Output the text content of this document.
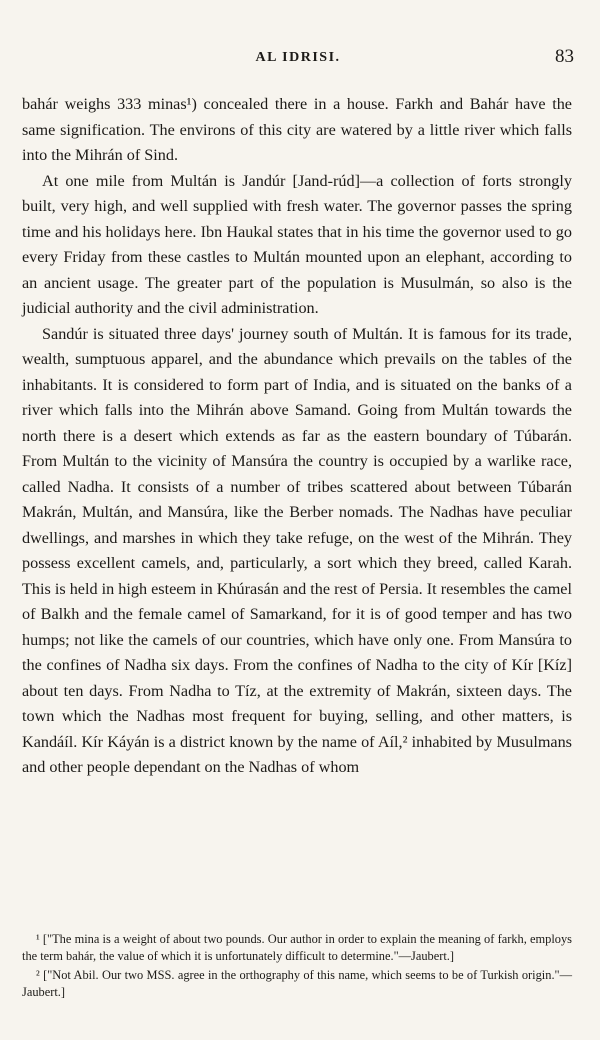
AL IDRISI.	83

bahár weighs 333 minas¹) concealed there in a house. Farkh and Bahár have the same signification. The environs of this city are watered by a little river which falls into the Mihrán of Sind.

At one mile from Multán is Jandúr [Jand-rúd]—a collection of forts strongly built, very high, and well supplied with fresh water. The governor passes the spring time and his holidays here. Ibn Haukal states that in his time the governor used to go every Friday from these castles to Multán mounted upon an elephant, according to an ancient usage. The greater part of the population is Musulmán, so also is the judicial authority and the civil administration.

Sandúr is situated three days' journey south of Multán. It is famous for its trade, wealth, sumptuous apparel, and the abundance which prevails on the tables of the inhabitants. It is considered to form part of India, and is situated on the banks of a river which falls into the Mihrán above Samand. Going from Multán towards the north there is a desert which extends as far as the eastern boundary of Túbarán. From Multán to the vicinity of Mansúra the country is occupied by a warlike race, called Nadha. It consists of a number of tribes scattered about between Túbarán Makrán, Multán, and Mansúra, like the Berber nomads. The Nadhas have peculiar dwellings, and marshes in which they take refuge, on the west of the Mihrán. They possess excellent camels, and, particularly, a sort which they breed, called Karah. This is held in high esteem in Khúrasán and the rest of Persia. It resembles the camel of Balkh and the female camel of Samarkand, for it is of good temper and has two humps; not like the camels of our countries, which have only one. From Mansúra to the confines of Nadha six days. From the confines of Nadha to the city of Kír [Kíz] about ten days. From Nadha to Tíz, at the extremity of Makrán, sixteen days. The town which the Nadhas most frequent for buying, selling, and other matters, is Kandáíl. Kír Káyán is a district known by the name of Aíl,² inhabited by Musulmans and other people dependant on the Nadhas of whom

¹ ["The mina is a weight of about two pounds. Our author in order to explain the meaning of farkh, employs the term bahár, the value of which it is unfortunately difficult to determine."—Jaubert.]

² ["Not Abil. Our two MSS. agree in the orthography of this name, which seems to be of Turkish origin."—Jaubert.]
